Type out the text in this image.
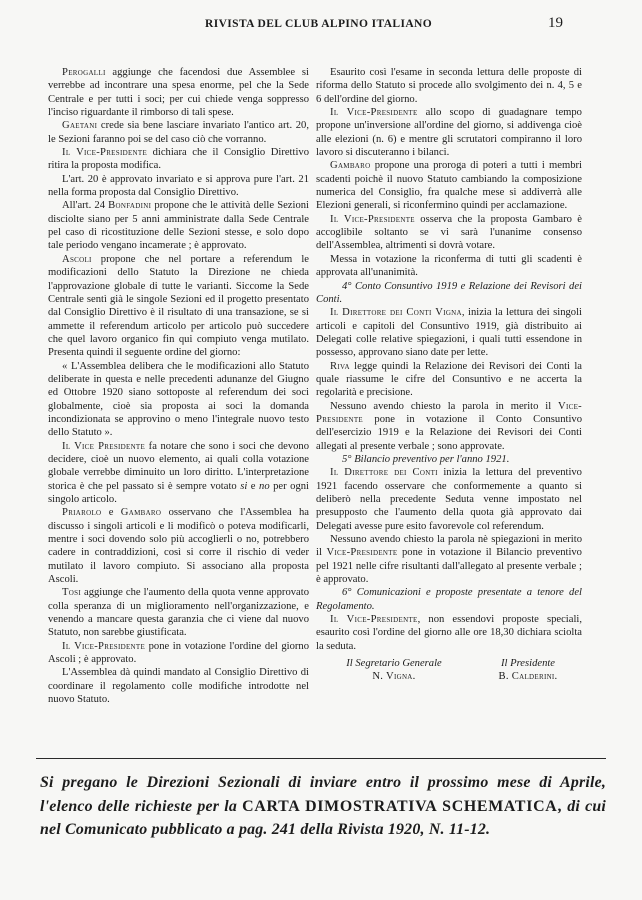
RIVISTA DEL CLUB ALPINO ITALIANO	19

Perogalli aggiunge che facendosi due Assemblee si verrebbe ad incontrare una spesa enorme, pel che la Sede Centrale e per tutti i soci; per cui chiede venga soppresso l'inciso riguardante il rimborso di tali spese.

Gaetani crede sia bene lasciare invariato l'antico art. 20, le Sezioni faranno poi se del caso ciò che vorranno.

Il Vice-Presidente dichiara che il Consiglio Direttivo ritira la proposta modifica.

L'art. 20 è approvato invariato e si approva pure l'art. 21 nella forma proposta dal Consiglio Direttivo.

All'art. 24 Bonfadini propone che le attività delle Sezioni disciolte siano per 5 anni amministrate dalla Sede Centrale pel caso di ricostituzione delle Sezioni stesse, e solo dopo tale periodo vengano incamerate ; è approvato.

Ascoli propone che nel portare a referendum le modificazioni dello Statuto la Direzione ne chieda l'approvazione globale di tutte le varianti. Siccome la Sede Centrale sentì già le singole Sezioni ed il progetto presentato dal Consiglio Direttivo è il risultato di una transazione, se si ammette il referendum articolo per articolo può succedere che quel lavoro organico fin qui compiuto venga mutilato. Presenta quindi il seguente ordine del giorno:

« L'Assemblea delibera che le modificazioni allo Statuto deliberate in questa e nelle precedenti adunanze del Giugno ed Ottobre 1920 siano sottoposte al referendum dei soci globalmente, cioè sia proposta ai soci la domanda incondizionata se approvino o meno l'integrale nuovo testo dello Statuto ».

Il Vice Presidente fa notare che sono i soci che devono decidere, cioè un nuovo elemento, ai quali colla votazione globale verrebbe diminuito un loro diritto. L'interpretazione storica è che pel passato si è sempre votato si e no per ogni singolo articolo.

Priarolo e Gambaro osservano che l'Assemblea ha discusso i singoli articoli e li modificò o poteva modificarli, mentre i soci dovendo solo più accoglierli o no, potrebbero cadere in contraddizioni, così si corre il rischio di veder mutilato il lavoro compiuto. Si associano alla proposta Ascoli.

Tosi aggiunge che l'aumento della quota venne approvato colla speranza di un miglioramento nell'organizzazione, e venendo a mancare questa garanzia che ci viene dal nuovo Statuto, non sarebbe giustificata.

Il Vice-Presidente pone in votazione l'ordine del giorno Ascoli ; è approvato.

L'Assemblea dà quindi mandato al Consiglio Direttivo di coordinare il regolamento colle modifiche introdotte nel nuovo Statuto.

Esaurito così l'esame in seconda lettura delle proposte di riforma dello Statuto si procede allo svolgimento dei n. 4, 5 e 6 dell'ordine del giorno.

Il Vice-Presidente allo scopo di guadagnare tempo propone un'inversione all'ordine del giorno, si addivenga cioè alle elezioni (n. 6) e mentre gli scrutatori compiranno il loro lavoro si discuteranno i bilanci.

Gambaro propone una proroga di poteri a tutti i membri scadenti poichè il nuovo Statuto cambiando la composizione numerica del Consiglio, fra qualche mese si addiverrà alle Elezioni generali, si riconfermino quindi per acclamazione.

Il Vice-Presidente osserva che la proposta Gambaro è accoglibile soltanto se vi sarà l'unanime consenso dell'Assemblea, altrimenti si dovrà votare.

Messa in votazione la riconferma di tutti gli scadenti è approvata all'unanimità.

4° Conto Consuntivo 1919 e Relazione dei Revisori dei Conti.

Il Direttore dei Conti Vigna, inizia la lettura dei singoli articoli e capitoli del Consuntivo 1919, già distribuito ai Delegati colle relative spiegazioni, i quali tutti essendone in possesso, approvano siano date per lette.

Riva legge quindi la Relazione dei Revisori dei Conti la quale riassume le cifre del Consuntivo e ne accerta la regolarità e precisione.

Nessuno avendo chiesto la parola in merito il Vice-Presidente pone in votazione il Conto Consuntivo dell'esercizio 1919 e la Relazione dei Revisori dei Conti allegati al presente verbale ; sono approvate.

5° Bilancio preventivo per l'anno 1921.

Il Direttore dei Conti inizia la lettura del preventivo 1921 facendo osservare che conformemente a quanto si deliberò nella precedente Seduta venne impostato nel presupposto che l'aumento della quota già approvato dai Delegati avesse pure esito favorevole col referendum.

Nessuno avendo chiesto la parola nè spiegazioni in merito il Vice-Presidente pone in votazione il Bilancio preventivo pel 1921 nelle cifre risultanti dall'allegato al presente verbale ; è approvato.

6° Comunicazioni e proposte presentate a tenore del Regolamento.

Il Vice-Presidente, non essendovi proposte speciali, esaurito così l'ordine del giorno alle ore 18,30 dichiara sciolta la seduta.

Il Segretario Generale
N. Vigna.
Il Presidente
B. Calderini.
Si pregano le Direzioni Sezionali di inviare entro il prossimo mese di Aprile, l'elenco delle richieste per la CARTA DIMOSTRATIVA SCHEMATICA, di cui nel Comunicato pubblicato a pag. 241 della Rivista 1920, N. 11-12.
